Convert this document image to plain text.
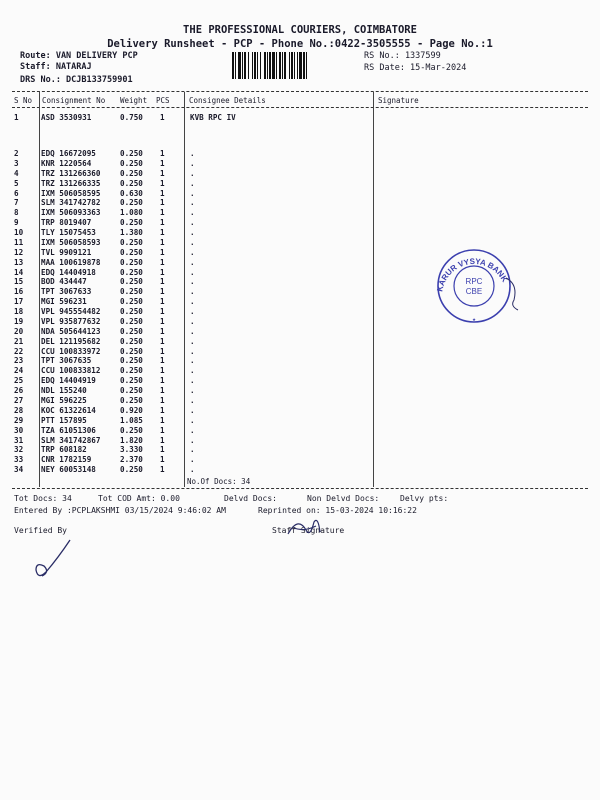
THE PROFESSIONAL COURIERS, COIMBATORE
Delivery Runsheet - PCP - Phone No.:0422-3505555 - Page No.:1
Route: VAN DELIVERY PCP
Staff: NATARAJ
DRS No.: DCJB133759901
RS No.: 1337599
RS Date: 15-Mar-2024
S No Consignment No Weight PCS	Consignee Details	Signature
1	ASD 3530931	0.750 1	KVB RPC IV
2	EDQ 16672095	0.250 1	.
3	KNR 1220564	0.250 1	.
4	TRZ 131266360	0.250 1	.
5	TRZ 131266335	0.250 1	.
6	IXM 506058595	0.630 1	.
7	SLM 341742782	0.250 1	.
8	IXM 506093363	1.080 1	.
9	TRP 8019407	0.250 1	.
10 TLY 15075453	1.380 1	.
11 IXM 506058593	0.250 1	.
12 TVL 9909121	0.250 1	.
13 MAA 100619878	0.250 1	.
14 EDQ 14404918	0.250 1	.
15 BOD 434447	0.250 1	.
16 TPT 3067633	0.250 1	.
17 MGI 596231	0.250 1	.
18 VPL 945554482	0.250 1	.
19 VPL 935877632	0.250 1	.
20 NDA 505644123	0.250 1	.
21 DEL 121195682	0.250 1	.
22 CCU 100833972	0.250 1	.
23 TPT 3067635	0.250 1	.
24 CCU 100833812	0.250 1	.
25 EDQ 14404919	0.250 1	.
26 NDL 155240	0.250 1	.
27 MGI 596225	0.250 1	.
28 KOC 61322614	0.920 1	.
29 PTT 157895	1.085 1	.
30 TZA 61051306	0.250 1	.
31 SLM 341742867	1.820 1	.
32 TRP 608182	3.330 1	.
33 CNR 1782159	2.370 1	.
34 NEY 60053148	0.250 1	.
No.Of Docs: 34
Tot Docs: 34	Tot COD Amt: 0.00	Delvd Docs:	Non Delvd Docs:	Delvy pts:
Entered By :PCPLAKSHMI 03/15/2024 9:46:02 AM	Reprinted on: 15-03-2024 10:16:22
Verified By	Staff Signature
KARUR VYSYA BANK
RPC
CBE
★
